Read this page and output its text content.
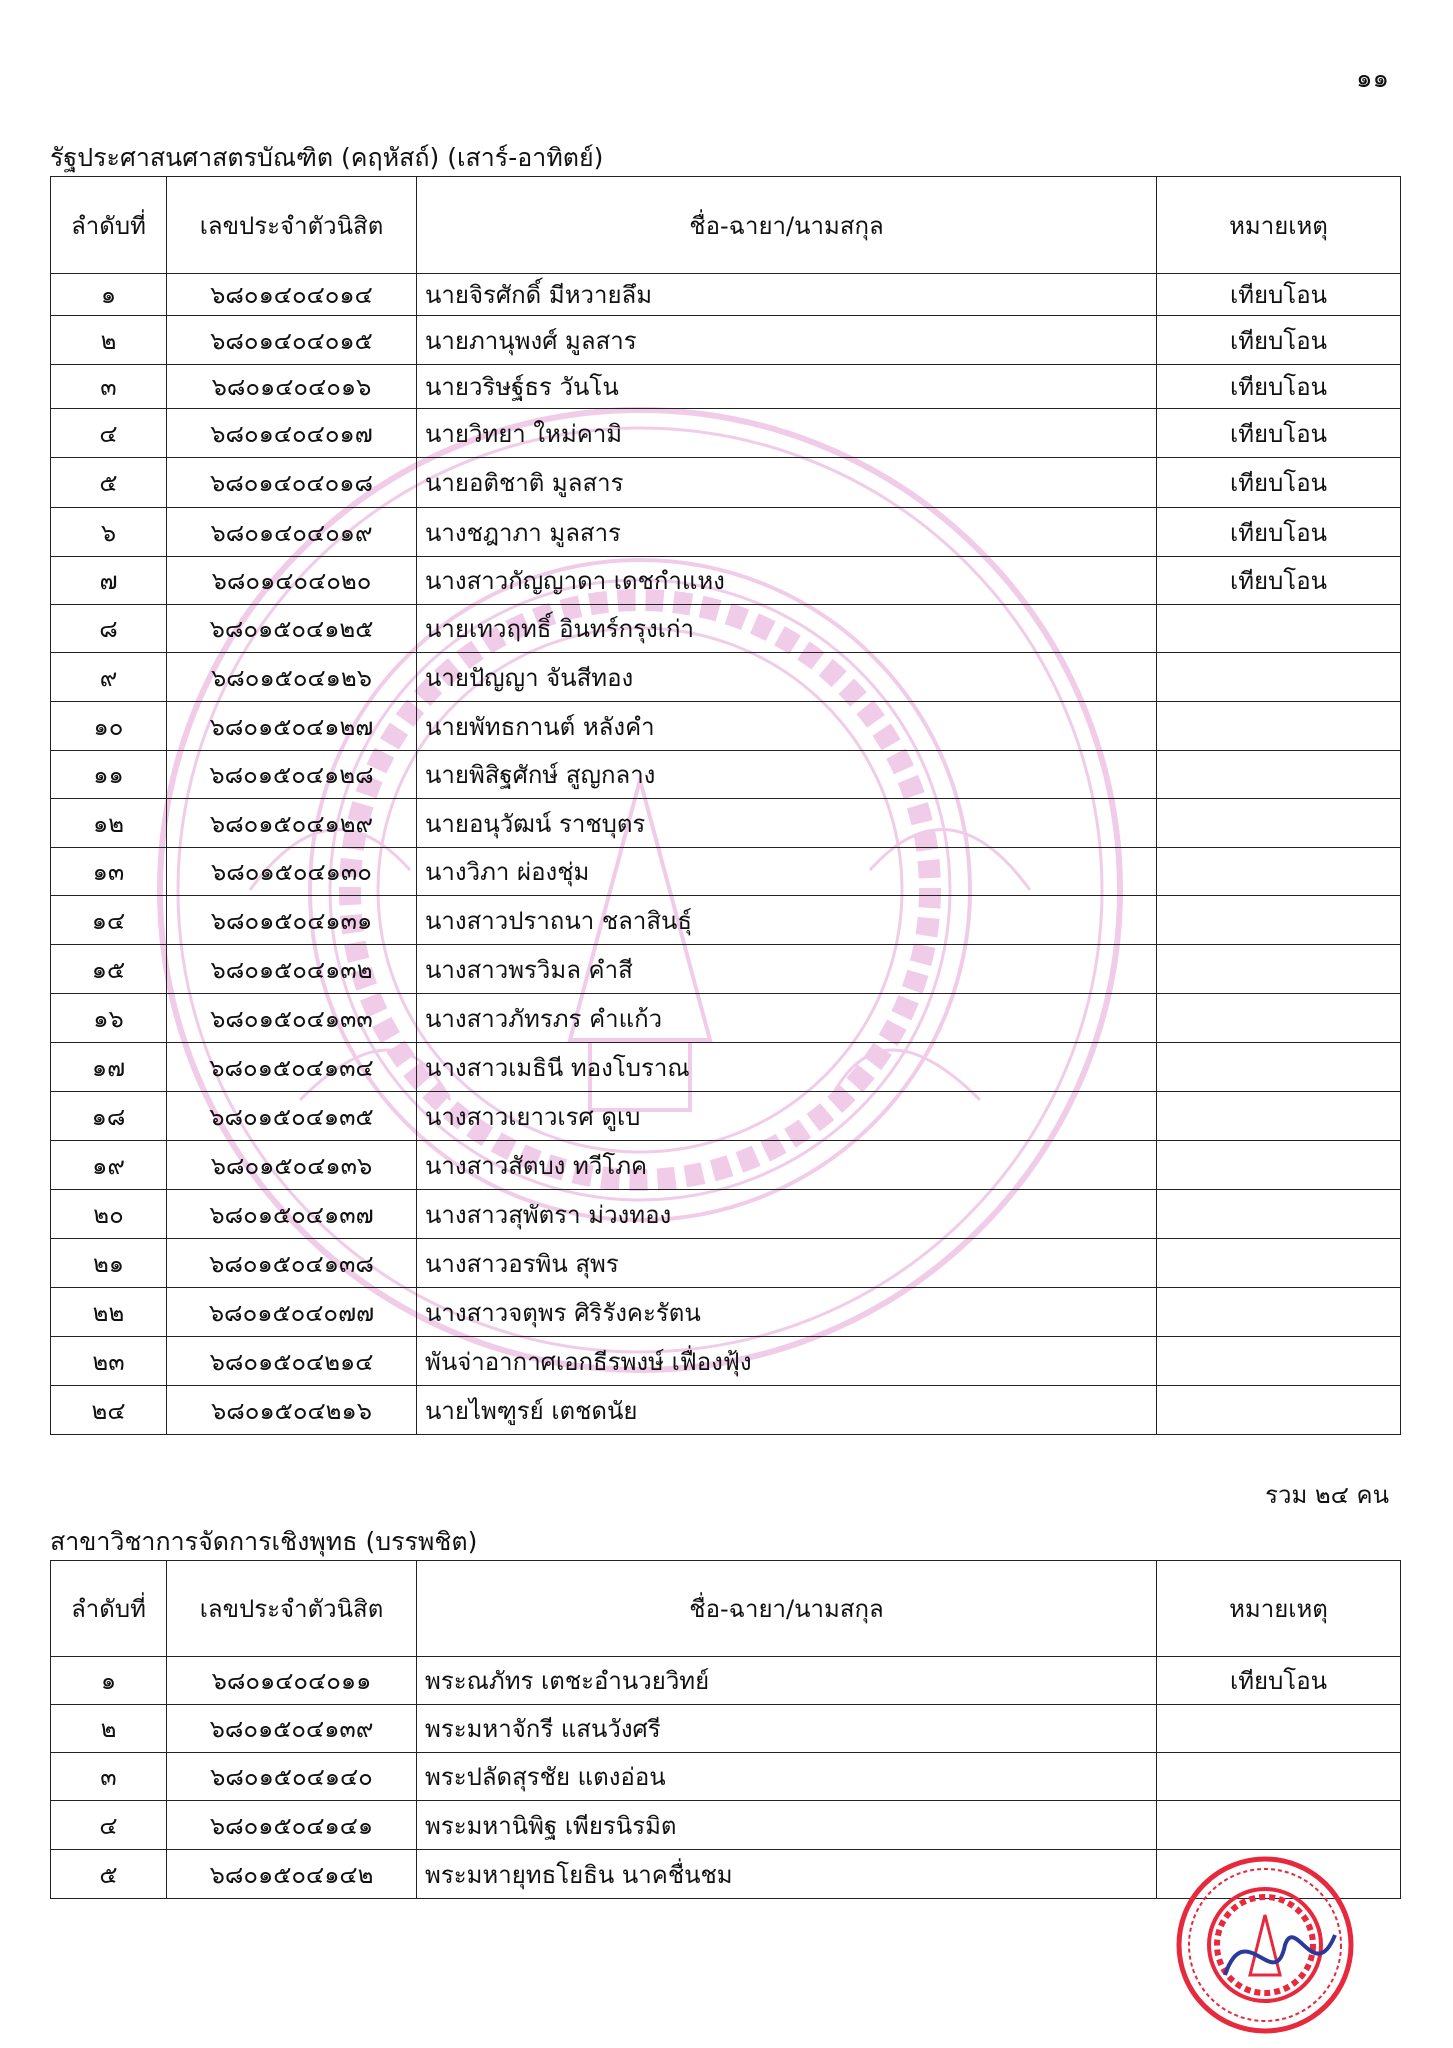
๑๑
รัฐประศาสนศาสตรบัณฑิต (คฤหัสถ์) (เสาร์-อาทิตย์)
ลำดับที่	เลขประจำตัวนิสิต	ชื่อ-ฉายา/นามสกุล	หมายเหตุ
๑	๖๘๐๑๔๐๔๐๑๔	นายจิรศักดิ์ มีหวายลึม	เทียบโอน
๒	๖๘๐๑๔๐๔๐๑๕	นายภานุพงศ์ มูลสาร	เทียบโอน
๓	๖๘๐๑๔๐๔๐๑๖	นายวริษฐ์ธร วันโน	เทียบโอน
๔	๖๘๐๑๔๐๔๐๑๗	นายวิทยา ใหม่คามิ	เทียบโอน
๕	๖๘๐๑๔๐๔๐๑๘	นายอติชาติ มูลสาร	เทียบโอน
๖	๖๘๐๑๔๐๔๐๑๙	นางชฎาภา มูลสาร	เทียบโอน
๗	๖๘๐๑๔๐๔๐๒๐	นางสาวกัญญาดา เดชกำแหง	เทียบโอน
๘	๖๘๐๑๕๐๔๑๒๕	นายเทวฤทธิ์ อินทร์กรุงเก่า	
๙	๖๘๐๑๕๐๔๑๒๖	นายปัญญา จันสีทอง	
๑๐	๖๘๐๑๕๐๔๑๒๗	นายพัทธกานต์ หลังคำ	
๑๑	๖๘๐๑๕๐๔๑๒๘	นายพิสิฐศักษ์ สูญกลาง	
๑๒	๖๘๐๑๕๐๔๑๒๙	นายอนุวัฒน์ ราชบุตร	
๑๓	๖๘๐๑๕๐๔๑๓๐	นางวิภา ผ่องชุ่ม	
๑๔	๖๘๐๑๕๐๔๑๓๑	นางสาวปราถนา ชลาสินธุ์	
๑๕	๖๘๐๑๕๐๔๑๓๒	นางสาวพรวิมล คำสี	
๑๖	๖๘๐๑๕๐๔๑๓๓	นางสาวภัทรภร คำแก้ว	
๑๗	๖๘๐๑๕๐๔๑๓๔	นางสาวเมธินี ทองโบราณ	
๑๘	๖๘๐๑๕๐๔๑๓๕	นางสาวเยาวเรศ ดูเบ	
๑๙	๖๘๐๑๕๐๔๑๓๖	นางสาวสัตบง ทวีโภค	
๒๐	๖๘๐๑๕๐๔๑๓๗	นางสาวสุพัตรา ม่วงทอง	
๒๑	๖๘๐๑๕๐๔๑๓๘	นางสาวอรพิน สุพร	
๒๒	๖๘๐๑๕๐๔๐๗๗	นางสาวจตุพร ศิริรังคะรัตน	
๒๓	๖๘๐๑๕๐๔๒๑๔	พันจ่าอากาศเอกธีรพงษ์ เฟื่องฟุ้ง	
๒๔	๖๘๐๑๕๐๔๒๑๖	นายไพฑูรย์ เตชดนัย	
รวม ๒๔ คน
สาขาวิชาการจัดการเชิงพุทธ (บรรพชิต)
ลำดับที่	เลขประจำตัวนิสิต	ชื่อ-ฉายา/นามสกุล	หมายเหตุ
๑	๖๘๐๑๔๐๔๐๑๑	พระณภัทร เตชะอำนวยวิทย์	เทียบโอน
๒	๖๘๐๑๕๐๔๑๓๙	พระมหาจักรี แสนวังศรี	
๓	๖๘๐๑๕๐๔๑๔๐	พระปลัดสุรชัย แตงอ่อน	
๔	๖๘๐๑๕๐๔๑๔๑	พระมหานิพิฐ เพียรนิรมิต	
๕	๖๘๐๑๕๐๔๑๔๒	พระมหายุทธโยธิน นาคชื่นชม	
